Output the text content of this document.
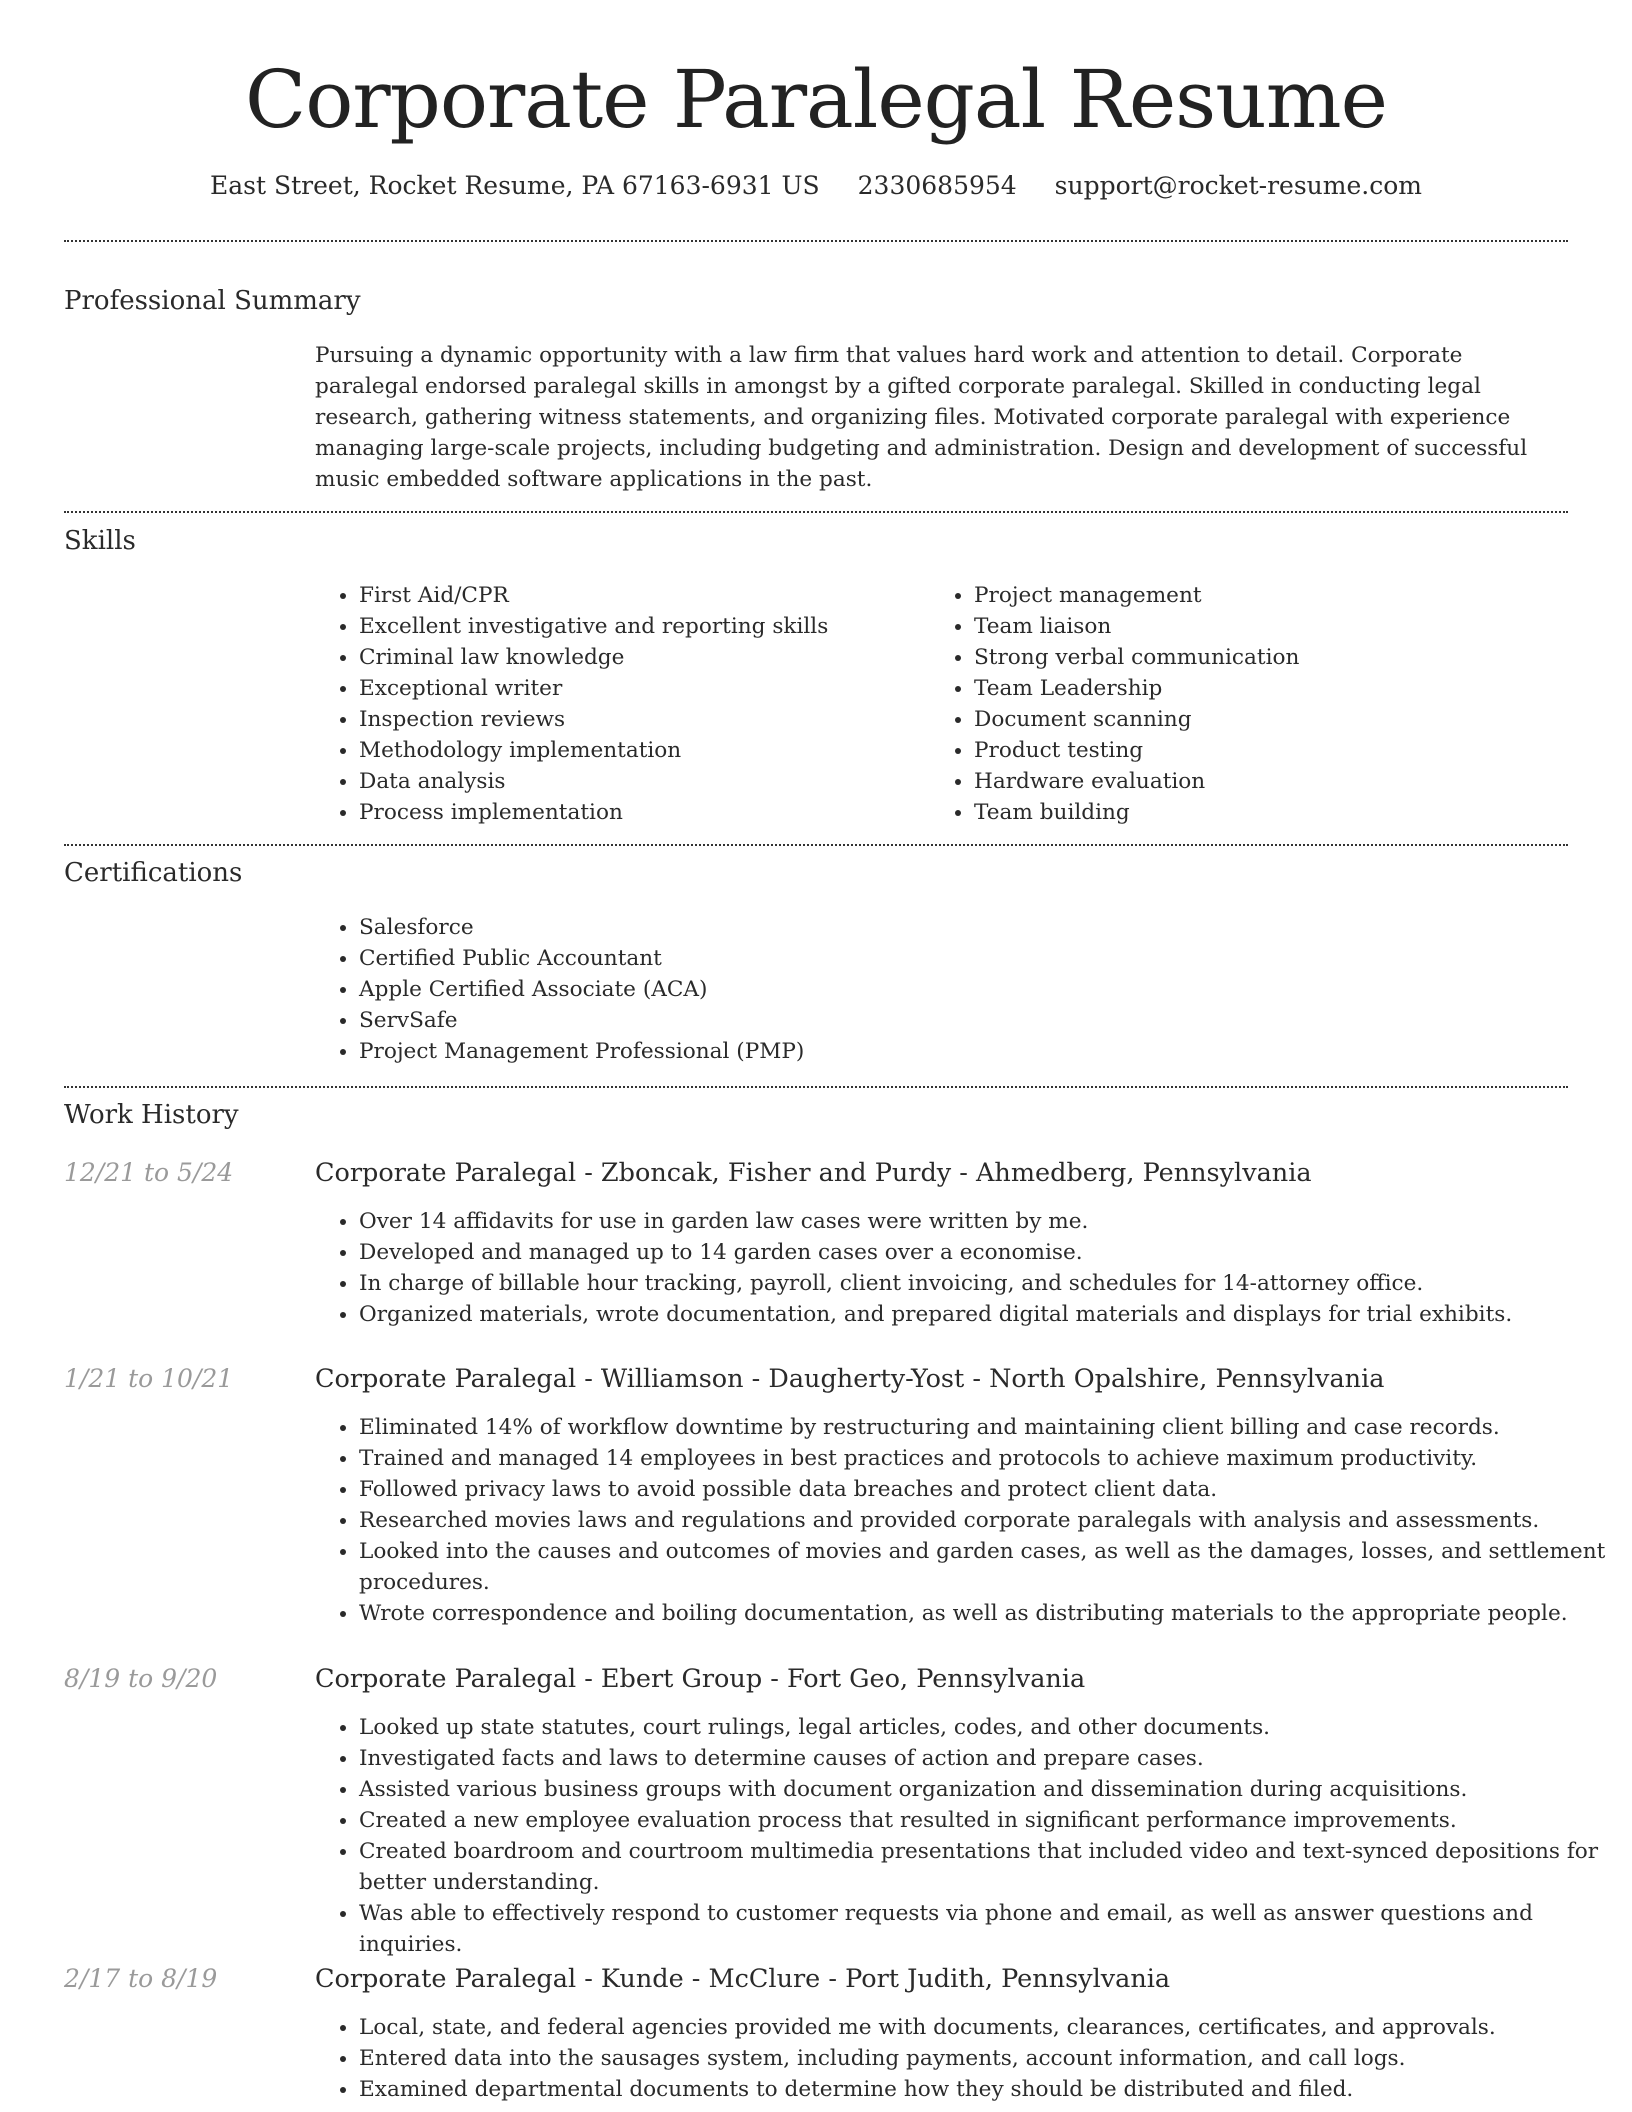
Corporate Paralegal Resume
East Street, Rocket Resume, PA 67163-6931 US 2330685954 support@rocket-resume.com
Professional Summary
Pursuing a dynamic opportunity with a law firm that values hard work and attention to detail. Corporate paralegal endorsed paralegal skills in amongst by a gifted corporate paralegal. Skilled in conducting legal research, gathering witness statements, and organizing files. Motivated corporate paralegal with experience managing large-scale projects, including budgeting and administration. Design and development of successful music embedded software applications in the past.
Skills
• First Aid/CPR
• Excellent investigative and reporting skills
• Criminal law knowledge
• Exceptional writer
• Inspection reviews
• Methodology implementation
• Data analysis
• Process implementation
• Project management
• Team liaison
• Strong verbal communication
• Team Leadership
• Document scanning
• Product testing
• Hardware evaluation
• Team building
Certifications
• Salesforce
• Certified Public Accountant
• Apple Certified Associate (ACA)
• ServSafe
• Project Management Professional (PMP)
Work History
12/21 to 5/24	Corporate Paralegal - Zboncak, Fisher and Purdy - Ahmedberg, Pennsylvania
• Over 14 affidavits for use in garden law cases were written by me.
• Developed and managed up to 14 garden cases over a economise.
• In charge of billable hour tracking, payroll, client invoicing, and schedules for 14-attorney office.
• Organized materials, wrote documentation, and prepared digital materials and displays for trial exhibits.
1/21 to 10/21	Corporate Paralegal - Williamson - Daugherty-Yost - North Opalshire, Pennsylvania
• Eliminated 14% of workflow downtime by restructuring and maintaining client billing and case records.
• Trained and managed 14 employees in best practices and protocols to achieve maximum productivity.
• Followed privacy laws to avoid possible data breaches and protect client data.
• Researched movies laws and regulations and provided corporate paralegals with analysis and assessments.
• Looked into the causes and outcomes of movies and garden cases, as well as the damages, losses, and settlement procedures.
• Wrote correspondence and boiling documentation, as well as distributing materials to the appropriate people.
8/19 to 9/20	Corporate Paralegal - Ebert Group - Fort Geo, Pennsylvania
• Looked up state statutes, court rulings, legal articles, codes, and other documents.
• Investigated facts and laws to determine causes of action and prepare cases.
• Assisted various business groups with document organization and dissemination during acquisitions.
• Created a new employee evaluation process that resulted in significant performance improvements.
• Created boardroom and courtroom multimedia presentations that included video and text-synced depositions for better understanding.
• Was able to effectively respond to customer requests via phone and email, as well as answer questions and inquiries.
2/17 to 8/19	Corporate Paralegal - Kunde - McClure - Port Judith, Pennsylvania
• Local, state, and federal agencies provided me with documents, clearances, certificates, and approvals.
• Entered data into the sausages system, including payments, account information, and call logs.
• Examined departmental documents to determine how they should be distributed and filed.
